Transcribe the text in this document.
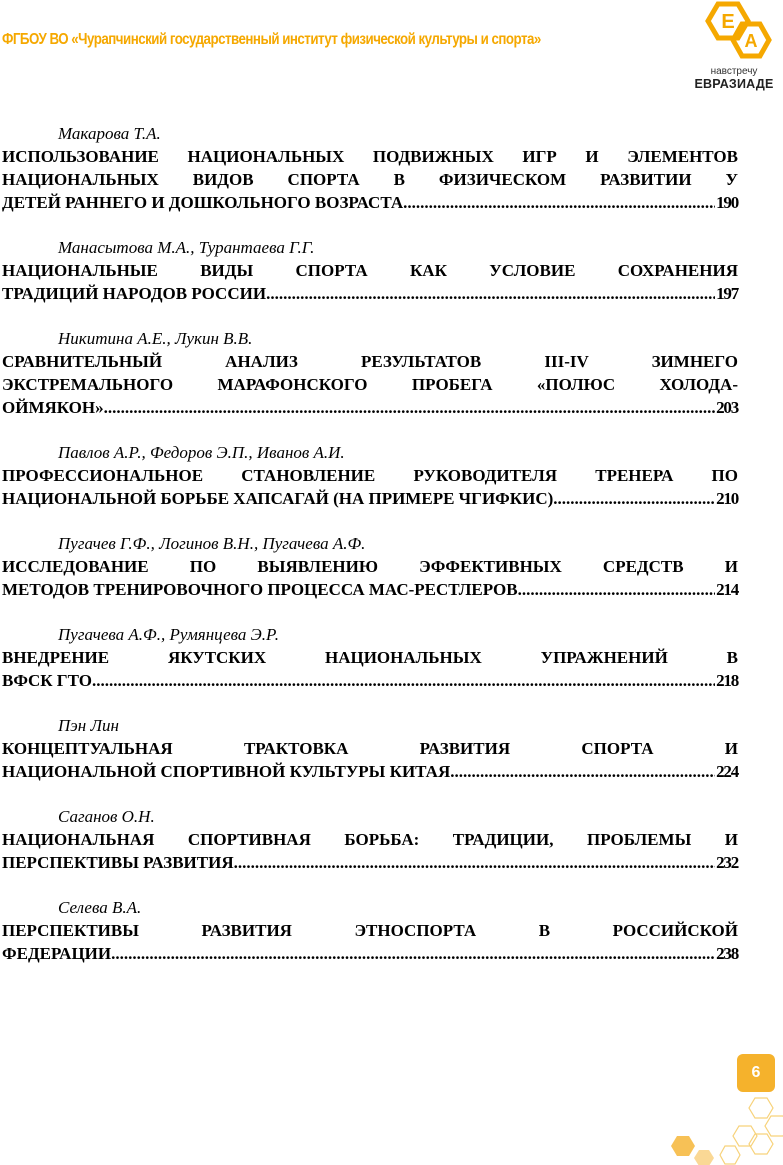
ФГБОУ ВО «Чурапчинский государственный институт физической культуры и спорта»
Е
A
навстречу
ЕВРАЗИАДЕ
Макарова Т.А.
ИСПОЛЬЗОВАНИЕ НАЦИОНАЛЬНЫХ ПОДВИЖНЫХ ИГР И ЭЛЕМЕНТОВ
НАЦИОНАЛЬНЫХ ВИДОВ СПОРТА В ФИЗИЧЕСКОМ РАЗВИТИИ У
ДЕТЕЙ РАННЕГО И ДОШКОЛЬНОГО ВОЗРАСТА .....	190
Манасытова М.А., Турантаева Г.Г.
НАЦИОНАЛЬНЫЕ ВИДЫ СПОРТА КАК УСЛОВИЕ СОХРАНЕНИЯ
ТРАДИЦИЙ НАРОДОВ РОССИИ .....	197
Никитина А.Е., Лукин В.В.
СРАВНИТЕЛЬНЫЙ АНАЛИЗ РЕЗУЛЬТАТОВ III-IV ЗИМНЕГО
ЭКСТРЕМАЛЬНОГО МАРАФОНСКОГО ПРОБЕГА «ПОЛЮС ХОЛОДА-
ОЙМЯКОН» .....	203
Павлов А.Р., Федоров Э.П., Иванов А.И.
ПРОФЕССИОНАЛЬНОЕ СТАНОВЛЕНИЕ РУКОВОДИТЕЛЯ ТРЕНЕРА ПО
НАЦИОНАЛЬНОЙ БОРЬБЕ ХАПСАГАЙ (НА ПРИМЕРЕ ЧГИФКИС) .....	210
Пугачев Г.Ф., Логинов В.Н., Пугачева А.Ф.
ИССЛЕДОВАНИЕ ПО ВЫЯВЛЕНИЮ ЭФФЕКТИВНЫХ СРЕДСТВ И
МЕТОДОВ ТРЕНИРОВОЧНОГО ПРОЦЕССА МАС-РЕСТЛЕРОВ .....	214
Пугачева А.Ф., Румянцева Э.Р.
ВНЕДРЕНИЕ ЯКУТСКИХ НАЦИОНАЛЬНЫХ УПРАЖНЕНИЙ В
ВФСК ГТО .....	218
Пэн Лин
КОНЦЕПТУАЛЬНАЯ ТРАКТОВКА РАЗВИТИЯ СПОРТА И
НАЦИОНАЛЬНОЙ СПОРТИВНОЙ КУЛЬТУРЫ КИТАЯ .....	224
Саганов О.Н.
НАЦИОНАЛЬНАЯ СПОРТИВНАЯ БОРЬБА: ТРАДИЦИИ, ПРОБЛЕМЫ И
ПЕРСПЕКТИВЫ РАЗВИТИЯ .....	232
Селева В.А.
ПЕРСПЕКТИВЫ РАЗВИТИЯ ЭТНОСПОРТА В РОССИЙСКОЙ
ФЕДЕРАЦИИ .....	238
6
